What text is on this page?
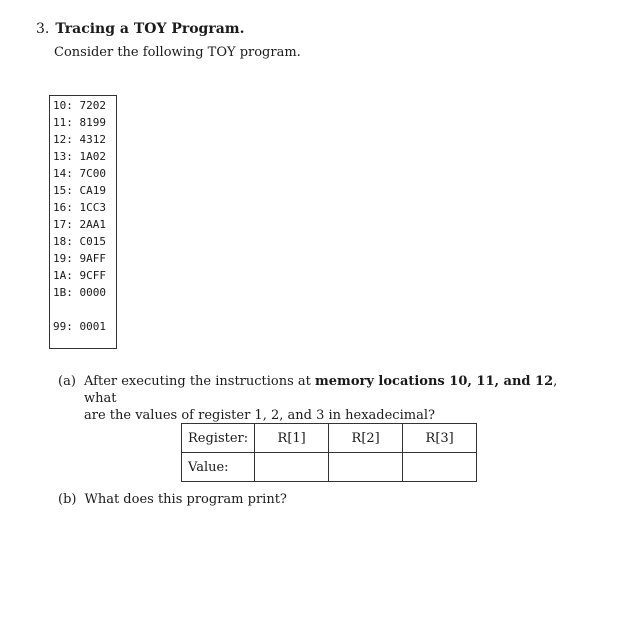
3. Tracing a TOY Program.
Consider the following TOY program.
10: 7202
11: 8199
12: 4312
13: 1A02
14: 7C00
15: CA19
16: 1CC3
17: 2AA1
18: C015
19: 9AFF
1A: 9CFF
1B: 0000
99: 0001
(a) After executing the instructions at memory locations 10, 11, and 12, what
are the values of register 1, 2, and 3 in hexadecimal?
Register:	R[1]	R[2]	R[3]
Value:			
(b) What does this program print?
